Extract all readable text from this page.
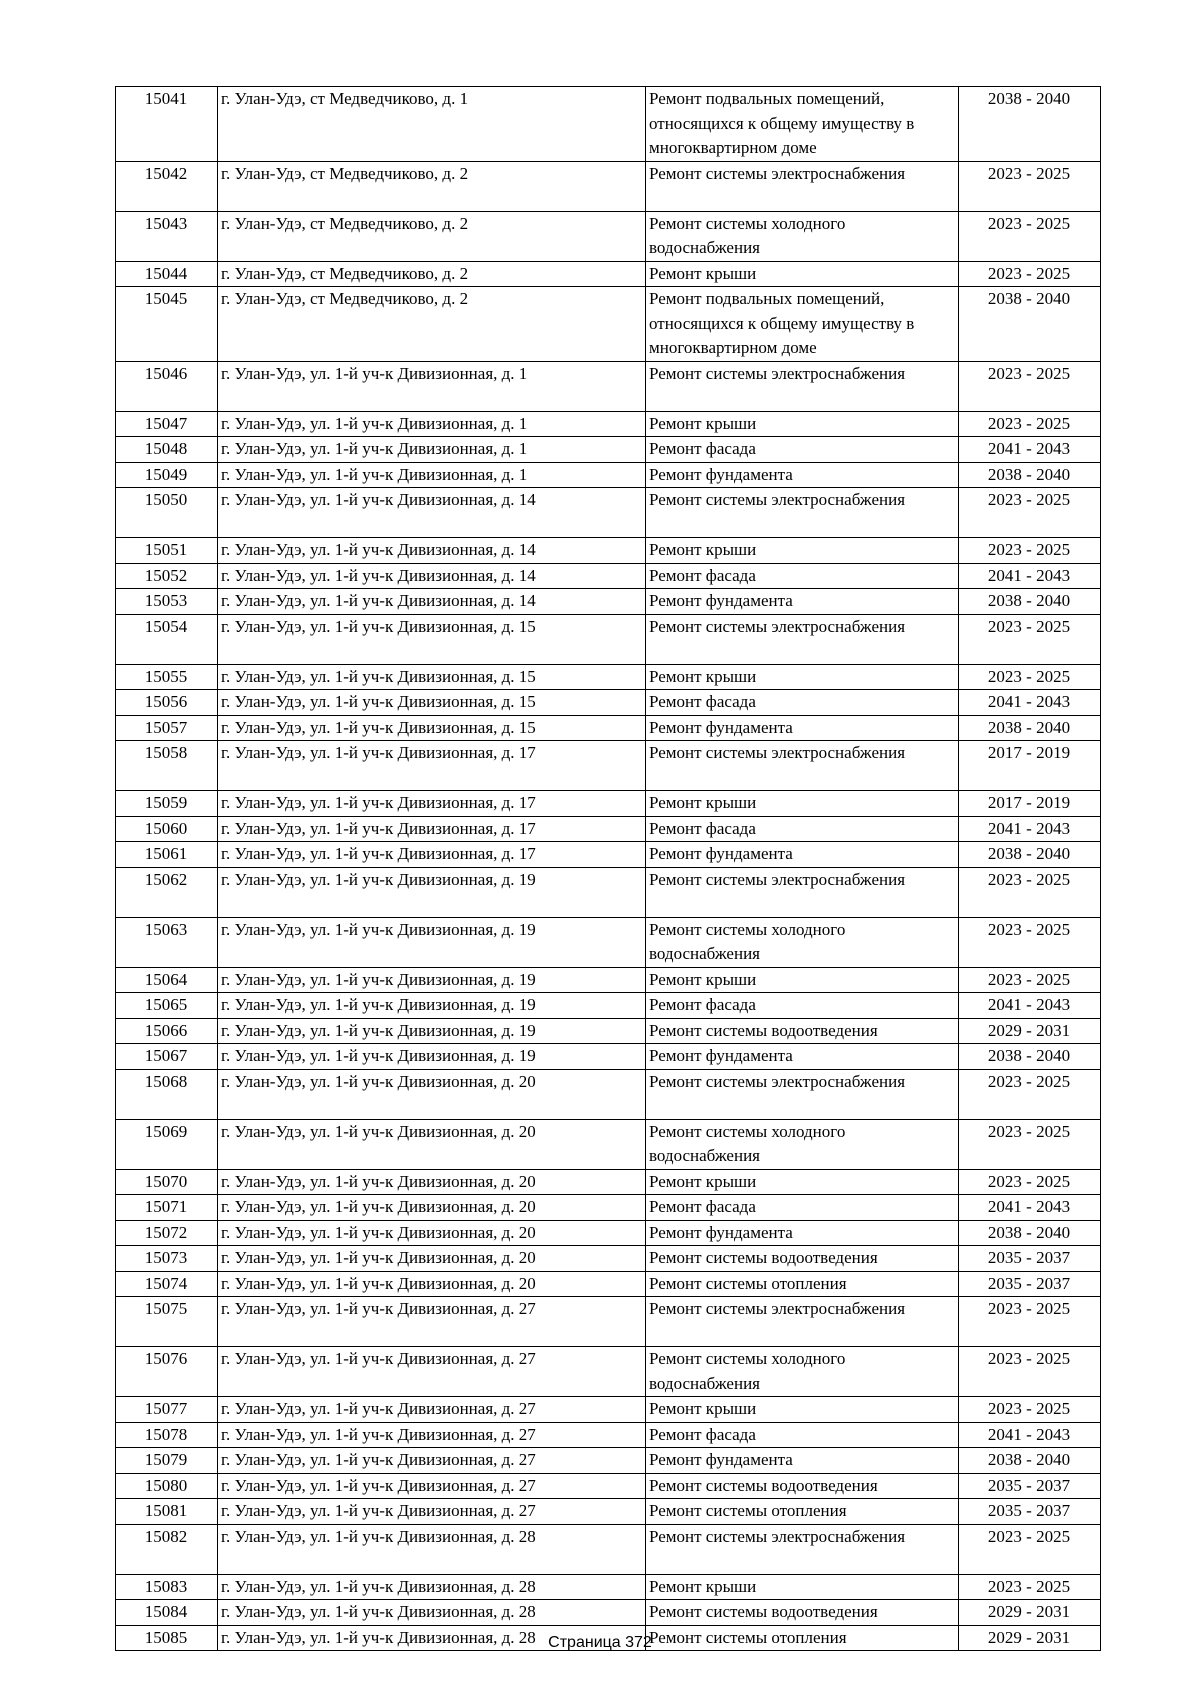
15041	г. Улан-Удэ, ст Медведчиково, д. 1	Ремонт подвальных помещений, относящихся к общему имуществу в многоквартирном доме	2038 - 2040
15042	г. Улан-Удэ, ст Медведчиково, д. 2	Ремонт системы электроснабжения	2023 - 2025
15043	г. Улан-Удэ, ст Медведчиково, д. 2	Ремонт системы холодного водоснабжения	2023 - 2025
15044	г. Улан-Удэ, ст Медведчиково, д. 2	Ремонт крыши	2023 - 2025
15045	г. Улан-Удэ, ст Медведчиково, д. 2	Ремонт подвальных помещений, относящихся к общему имуществу в многоквартирном доме	2038 - 2040
15046	г. Улан-Удэ, ул. 1-й уч-к Дивизионная, д. 1	Ремонт системы электроснабжения	2023 - 2025
15047	г. Улан-Удэ, ул. 1-й уч-к Дивизионная, д. 1	Ремонт крыши	2023 - 2025
15048	г. Улан-Удэ, ул. 1-й уч-к Дивизионная, д. 1	Ремонт фасада	2041 - 2043
15049	г. Улан-Удэ, ул. 1-й уч-к Дивизионная, д. 1	Ремонт фундамента	2038 - 2040
15050	г. Улан-Удэ, ул. 1-й уч-к Дивизионная, д. 14	Ремонт системы электроснабжения	2023 - 2025
15051	г. Улан-Удэ, ул. 1-й уч-к Дивизионная, д. 14	Ремонт крыши	2023 - 2025
15052	г. Улан-Удэ, ул. 1-й уч-к Дивизионная, д. 14	Ремонт фасада	2041 - 2043
15053	г. Улан-Удэ, ул. 1-й уч-к Дивизионная, д. 14	Ремонт фундамента	2038 - 2040
15054	г. Улан-Удэ, ул. 1-й уч-к Дивизионная, д. 15	Ремонт системы электроснабжения	2023 - 2025
15055	г. Улан-Удэ, ул. 1-й уч-к Дивизионная, д. 15	Ремонт крыши	2023 - 2025
15056	г. Улан-Удэ, ул. 1-й уч-к Дивизионная, д. 15	Ремонт фасада	2041 - 2043
15057	г. Улан-Удэ, ул. 1-й уч-к Дивизионная, д. 15	Ремонт фундамента	2038 - 2040
15058	г. Улан-Удэ, ул. 1-й уч-к Дивизионная, д. 17	Ремонт системы электроснабжения	2017 - 2019
15059	г. Улан-Удэ, ул. 1-й уч-к Дивизионная, д. 17	Ремонт крыши	2017 - 2019
15060	г. Улан-Удэ, ул. 1-й уч-к Дивизионная, д. 17	Ремонт фасада	2041 - 2043
15061	г. Улан-Удэ, ул. 1-й уч-к Дивизионная, д. 17	Ремонт фундамента	2038 - 2040
15062	г. Улан-Удэ, ул. 1-й уч-к Дивизионная, д. 19	Ремонт системы электроснабжения	2023 - 2025
15063	г. Улан-Удэ, ул. 1-й уч-к Дивизионная, д. 19	Ремонт системы холодного водоснабжения	2023 - 2025
15064	г. Улан-Удэ, ул. 1-й уч-к Дивизионная, д. 19	Ремонт крыши	2023 - 2025
15065	г. Улан-Удэ, ул. 1-й уч-к Дивизионная, д. 19	Ремонт фасада	2041 - 2043
15066	г. Улан-Удэ, ул. 1-й уч-к Дивизионная, д. 19	Ремонт системы водоотведения	2029 - 2031
15067	г. Улан-Удэ, ул. 1-й уч-к Дивизионная, д. 19	Ремонт фундамента	2038 - 2040
15068	г. Улан-Удэ, ул. 1-й уч-к Дивизионная, д. 20	Ремонт системы электроснабжения	2023 - 2025
15069	г. Улан-Удэ, ул. 1-й уч-к Дивизионная, д. 20	Ремонт системы холодного водоснабжения	2023 - 2025
15070	г. Улан-Удэ, ул. 1-й уч-к Дивизионная, д. 20	Ремонт крыши	2023 - 2025
15071	г. Улан-Удэ, ул. 1-й уч-к Дивизионная, д. 20	Ремонт фасада	2041 - 2043
15072	г. Улан-Удэ, ул. 1-й уч-к Дивизионная, д. 20	Ремонт фундамента	2038 - 2040
15073	г. Улан-Удэ, ул. 1-й уч-к Дивизионная, д. 20	Ремонт системы водоотведения	2035 - 2037
15074	г. Улан-Удэ, ул. 1-й уч-к Дивизионная, д. 20	Ремонт системы отопления	2035 - 2037
15075	г. Улан-Удэ, ул. 1-й уч-к Дивизионная, д. 27	Ремонт системы электроснабжения	2023 - 2025
15076	г. Улан-Удэ, ул. 1-й уч-к Дивизионная, д. 27	Ремонт системы холодного водоснабжения	2023 - 2025
15077	г. Улан-Удэ, ул. 1-й уч-к Дивизионная, д. 27	Ремонт крыши	2023 - 2025
15078	г. Улан-Удэ, ул. 1-й уч-к Дивизионная, д. 27	Ремонт фасада	2041 - 2043
15079	г. Улан-Удэ, ул. 1-й уч-к Дивизионная, д. 27	Ремонт фундамента	2038 - 2040
15080	г. Улан-Удэ, ул. 1-й уч-к Дивизионная, д. 27	Ремонт системы водоотведения	2035 - 2037
15081	г. Улан-Удэ, ул. 1-й уч-к Дивизионная, д. 27	Ремонт системы отопления	2035 - 2037
15082	г. Улан-Удэ, ул. 1-й уч-к Дивизионная, д. 28	Ремонт системы электроснабжения	2023 - 2025
15083	г. Улан-Удэ, ул. 1-й уч-к Дивизионная, д. 28	Ремонт крыши	2023 - 2025
15084	г. Улан-Удэ, ул. 1-й уч-к Дивизионная, д. 28	Ремонт системы водоотведения	2029 - 2031
15085	г. Улан-Удэ, ул. 1-й уч-к Дивизионная, д. 28	Ремонт системы отопления	2029 - 2031
Страница 372
